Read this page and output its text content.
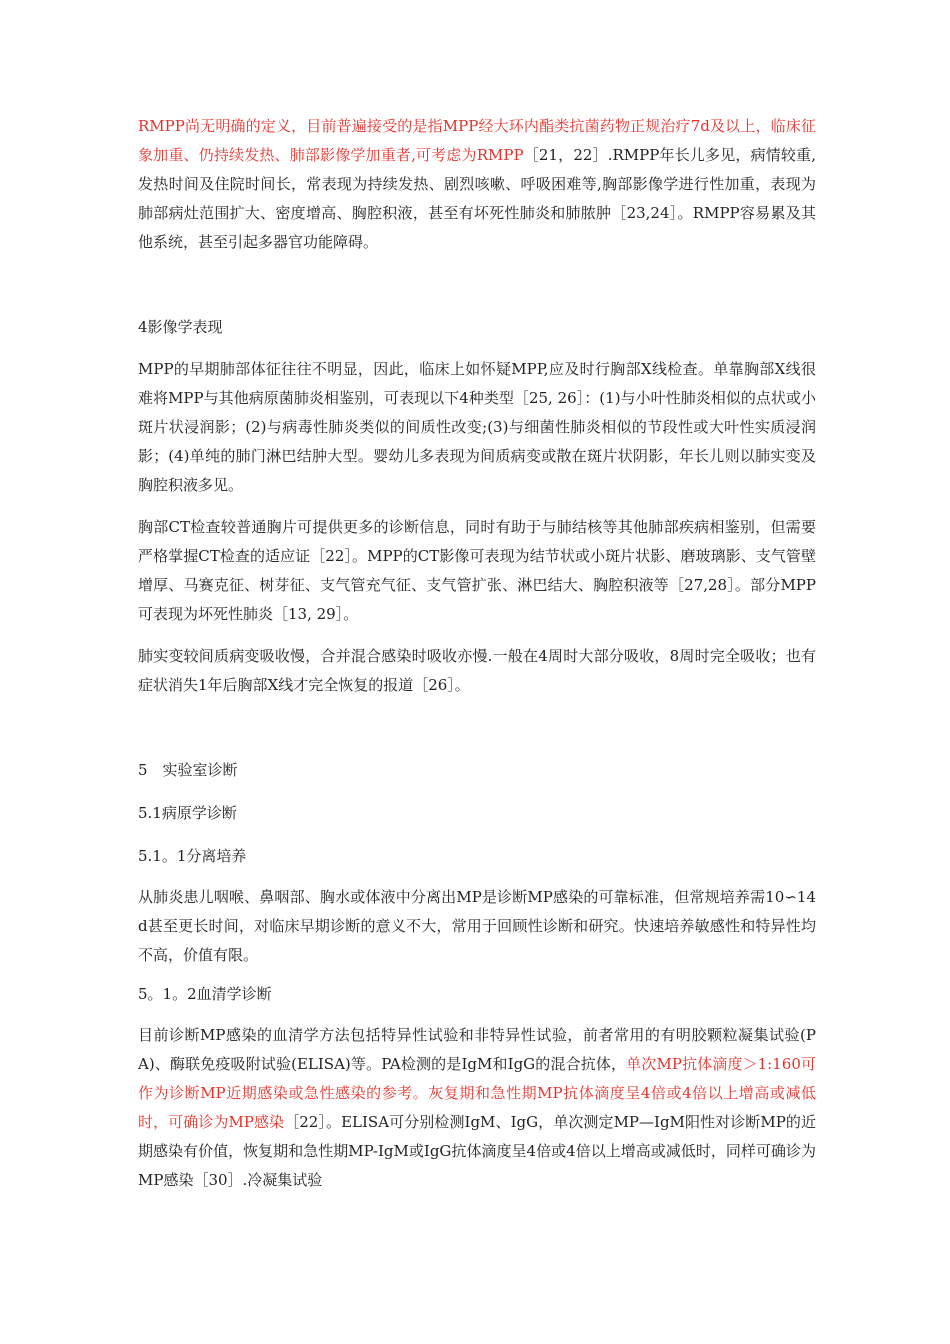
RMPP尚无明确的定义，目前普遍接受的是指MPP经大环内酯类抗菌药物正规治疗7d及以上，临床征象加重、仍持续发热、肺部影像学加重者,可考虑为RMPP［21，22］.RMPP年长儿多见，病情较重,发热时间及住院时间长，常表现为持续发热、剧烈咳嗽、呼吸困难等,胸部影像学进行性加重，表现为肺部病灶范围扩大、密度增高、胸腔积液，甚至有坏死性肺炎和肺脓肿［23,24］。RMPP容易累及其他系统，甚至引起多器官功能障碍。

4影像学表现

MPP的早期肺部体征往往不明显，因此，临床上如怀疑MPP,应及时行胸部X线检查。单靠胸部X线很难将MPP与其他病原菌肺炎相鉴别，可表现以下4种类型［25, 26］：(1)与小叶性肺炎相似的点状或小斑片状浸润影；(2)与病毒性肺炎类似的间质性改变;(3)与细菌性肺炎相似的节段性或大叶性实质浸润影；(4)单纯的肺门淋巴结肿大型。婴幼儿多表现为间质病变或散在斑片状阴影，年长儿则以肺实变及胸腔积液多见。

胸部CT检查较普通胸片可提供更多的诊断信息，同时有助于与肺结核等其他肺部疾病相鉴别，但需要严格掌握CT检查的适应证［22］。MPP的CT影像可表现为结节状或小斑片状影、磨玻璃影、支气管壁增厚、马赛克征、树芽征、支气管充气征、支气管扩张、淋巴结大、胸腔积液等［27,28］。部分MPP可表现为坏死性肺炎［13, 29］。

肺实变较间质病变吸收慢，合并混合感染时吸收亦慢.一般在4周时大部分吸收，8周时完全吸收；也有症状消失1年后胸部X线才完全恢复的报道［26］。

5　实验室诊断

5.1病原学诊断

5.1。1分离培养

从肺炎患儿咽喉、鼻咽部、胸水或体液中分离出MP是诊断MP感染的可靠标准，但常规培养需10∽14d甚至更长时间，对临床早期诊断的意义不大，常用于回顾性诊断和研究。快速培养敏感性和特异性均不高，价值有限。

5。1。2血清学诊断

目前诊断MP感染的血清学方法包括特异性试验和非特异性试验，前者常用的有明胶颗粒凝集试验(PA)、酶联免疫吸附试验(ELISA)等。PA检测的是IgM和IgG的混合抗体，单次MP抗体滴度＞1:160可作为诊断MP近期感染或急性感染的参考。灰复期和急性期MP抗体滴度呈4倍或4倍以上增高或减低时，可确诊为MP感染［22］。ELISA可分别检测IgM、IgG，单次测定MP—IgM阳性对诊断MP的近期感染有价值，恢复期和急性期MP-IgM或IgG抗体滴度呈4倍或4倍以上增高或减低时，同样可确诊为MP感染［30］.冷凝集试验
